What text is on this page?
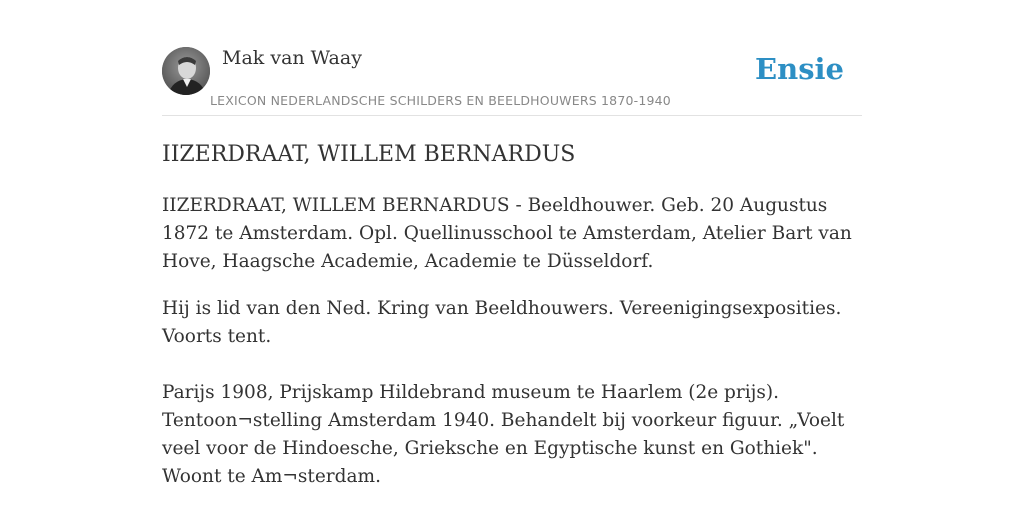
Mak van Waay
LEXICON NEDERLANDSCHE SCHILDERS EN BEELDHOUWERS 1870-1940
Ensie
IIZERDRAAT, WILLEM BERNARDUS

IIZERDRAAT, WILLEM BERNARDUS - Beeldhouwer. Geb. 20 Augustus 1872 te Amsterdam. Opl. Quellinusschool te Amsterdam, Atelier Bart van Hove, Haagsche Academie, Academie te Düsseldorf.

Hij is lid van den Ned. Kring van Beeldhouwers. Vereenigingsexposities. Voorts tent.

Parijs 1908, Prijskamp Hildebrand museum te Haarlem (2e prijs). Tentoon¬stelling Amsterdam 1940. Behandelt bij voorkeur figuur. „Voelt veel voor de Hindoesche, Grieksche en Egyptische kunst en Gothiek". Woont te Am¬sterdam.
